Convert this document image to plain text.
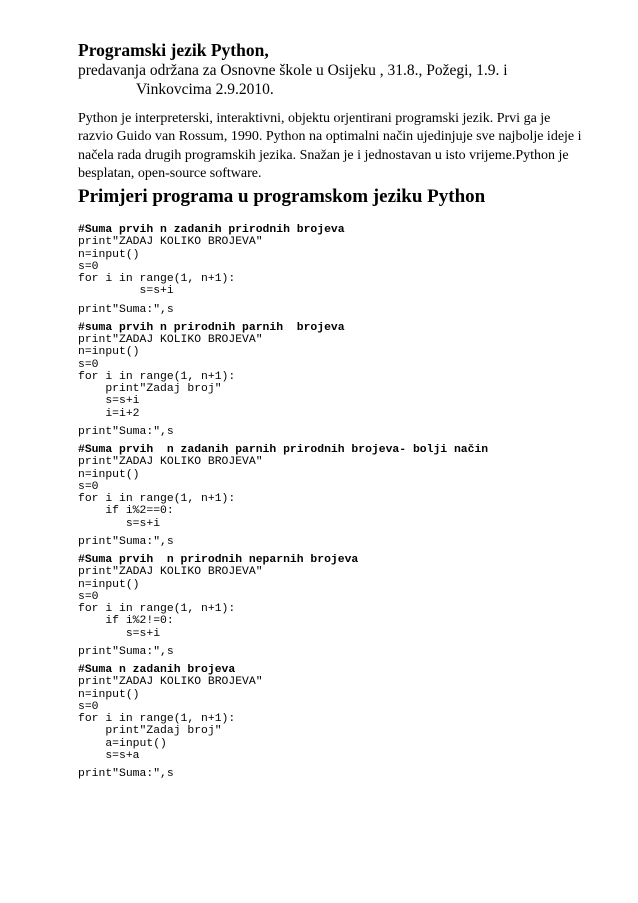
Programski jezik Python,
predavanja održana za Osnovne škole u Osijeku , 31.8., Požegi, 1.9. i
Vinkovcima 2.9.2010.
Python je interpreterski, interaktivni, objektu orjentirani programski jezik. Prvi ga je razvio Guido van Rossum, 1990. Python na optimalni način ujedinjuje sve najbolje ideje i načela rada drugih programskih jezika. Snažan je i jednostavan u isto vrijeme.Python je besplatan, open-source software.
Primjeri programa u programskom jeziku Python
#Suma prvih n zadanih prirodnih brojeva
print"ZADAJ KOLIKO BROJEVA"
n=input()
s=0
for i in range(1, n+1):
s=s+i
print"Suma:",s
#suma prvih n prirodnih parnih  brojeva
print"ZADAJ KOLIKO BROJEVA"
n=input()
s=0
for i in range(1, n+1):
print"Zadaj broj"
s=s+i
i=i+2
print"Suma:",s
#Suma prvih  n zadanih parnih prirodnih brojeva- bolji način
print"ZADAJ KOLIKO BROJEVA"
n=input()
s=0
for i in range(1, n+1):
if i%2==0:
s=s+i
print"Suma:",s
#Suma prvih  n prirodnih neparnih brojeva
print"ZADAJ KOLIKO BROJEVA"
n=input()
s=0
for i in range(1, n+1):
if i%2!=0:
s=s+i
print"Suma:",s
#Suma n zadanih brojeva
print"ZADAJ KOLIKO BROJEVA"
n=input()
s=0
for i in range(1, n+1):
print"Zadaj broj"
a=input()
s=s+a
print"Suma:",s
